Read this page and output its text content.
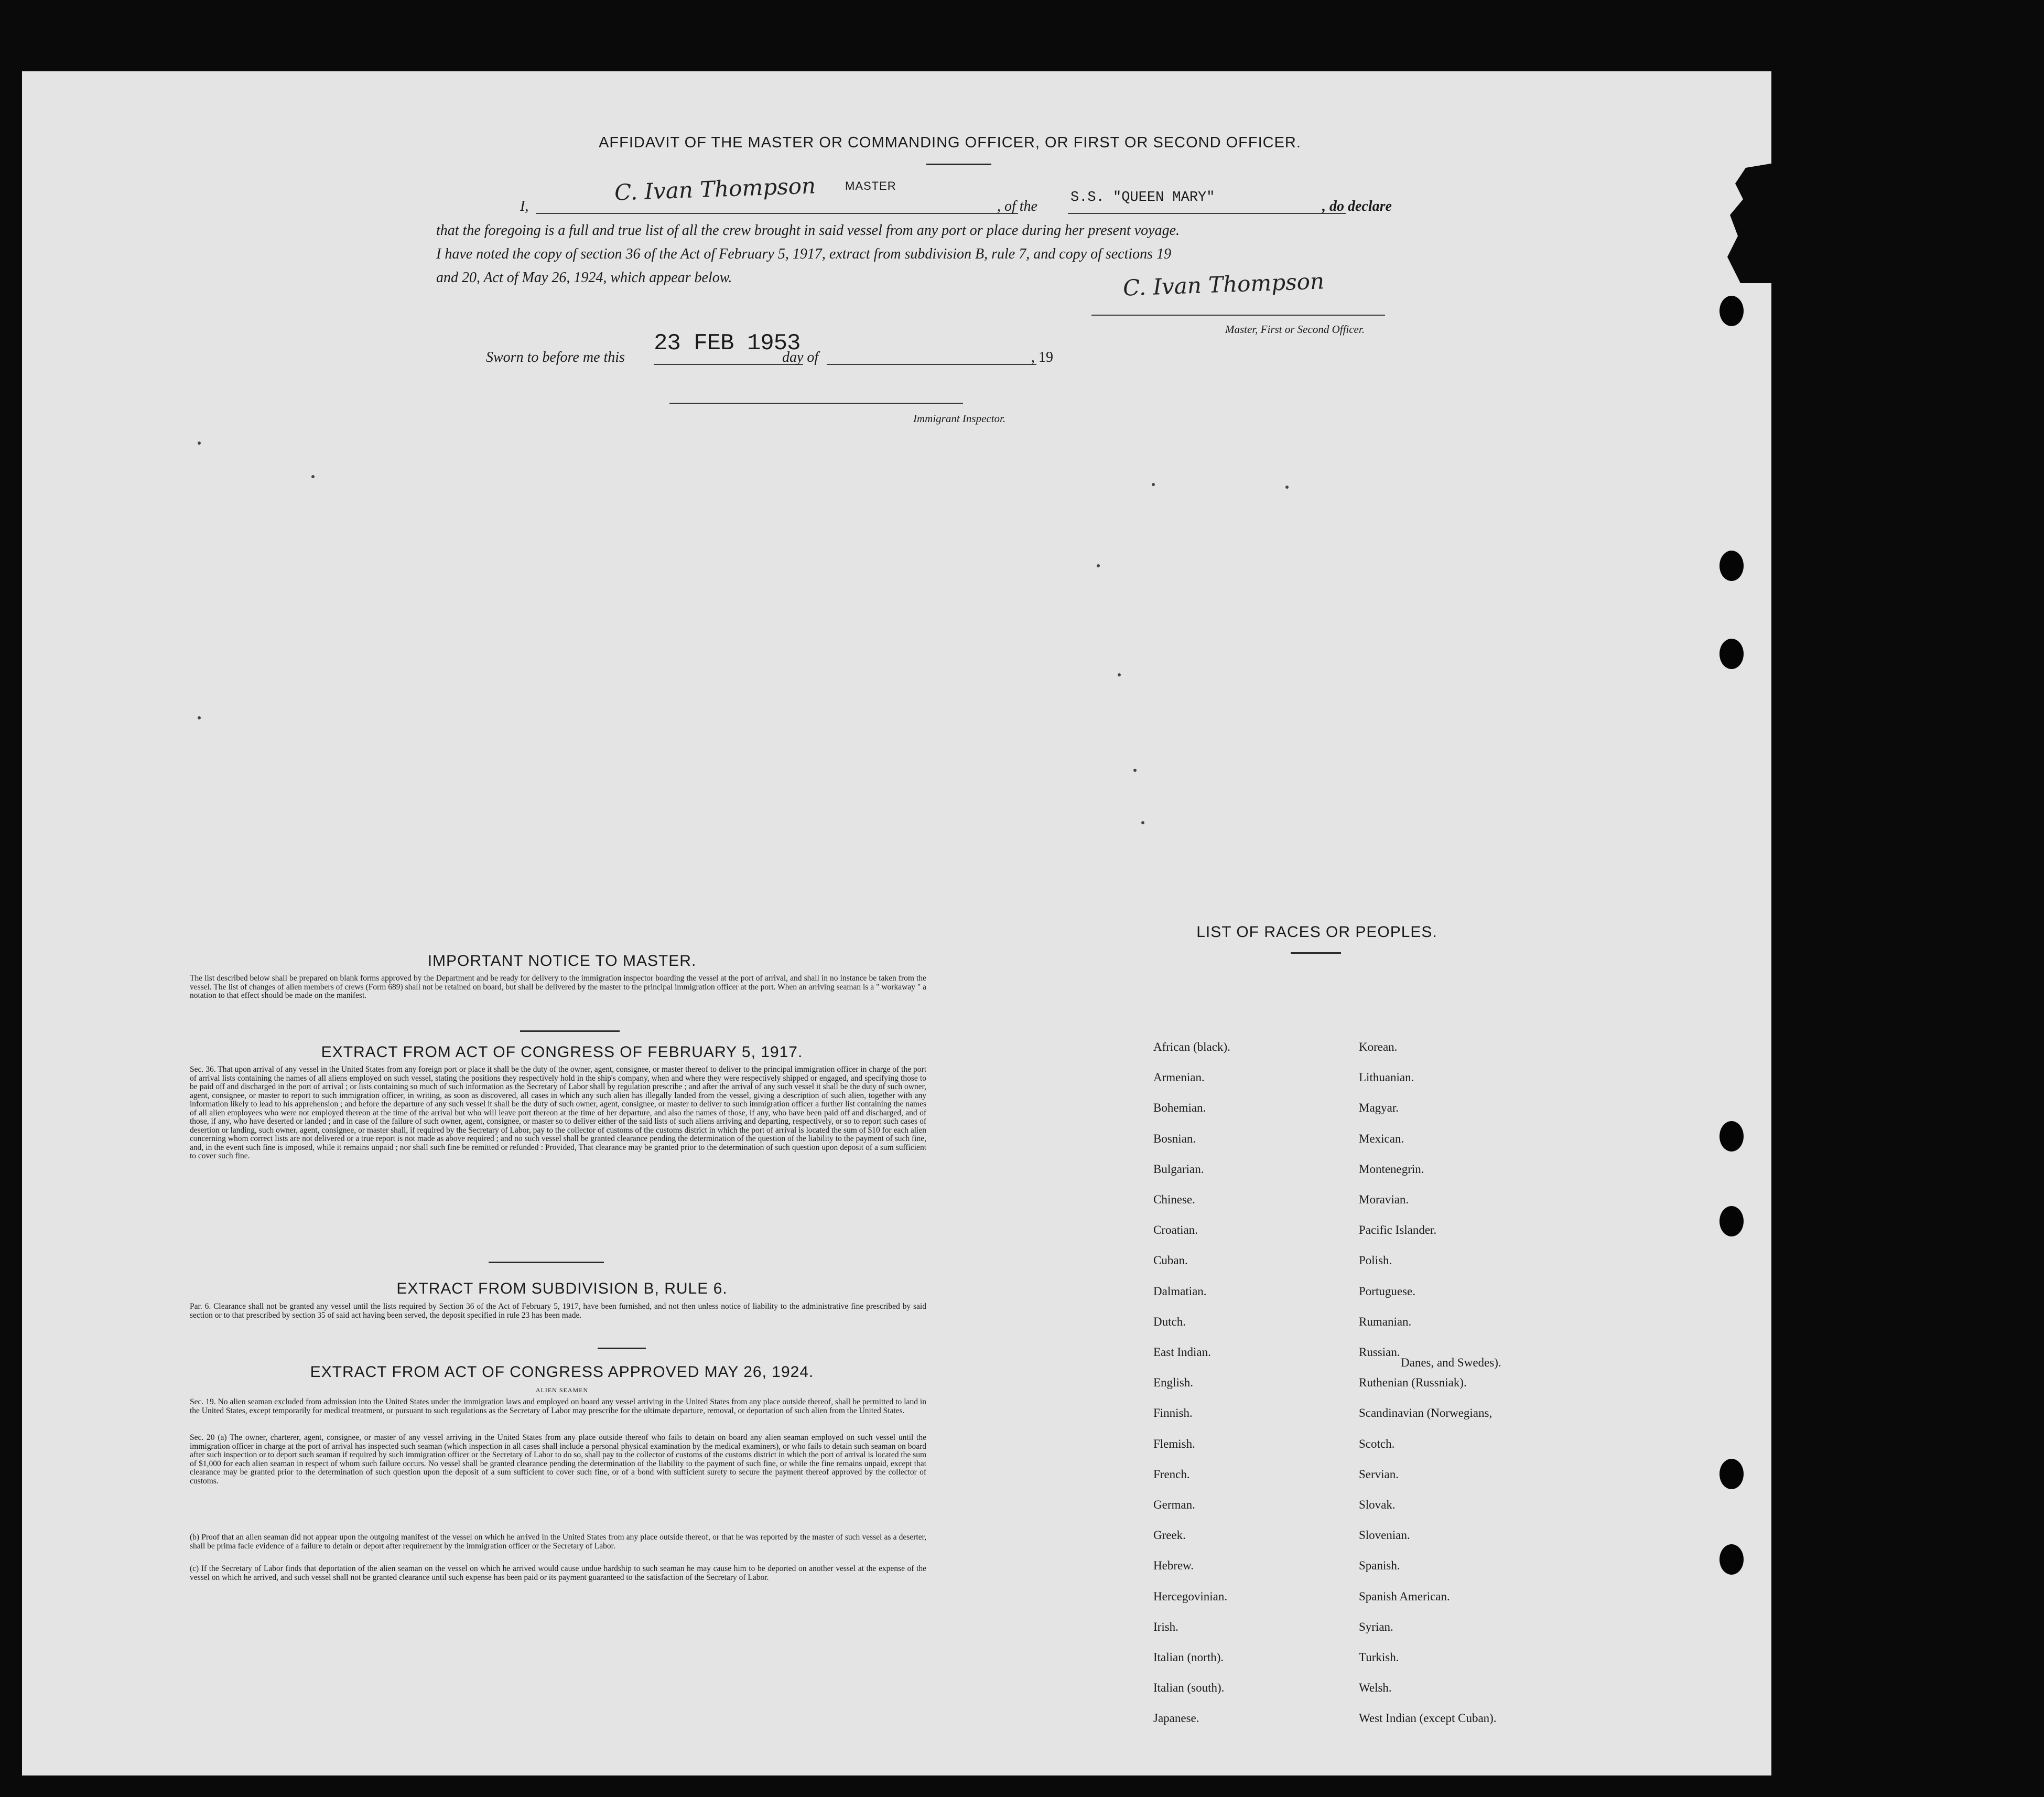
AFFIDAVIT OF THE MASTER OR COMMANDING OFFICER, OR FIRST OR SECOND OFFICER.
MASTER
I,
C. Ivan Thompson
, of the
S.S. "QUEEN MARY"
, do declare
that the foregoing is a full and true list of all the crew brought in said vessel from any port or place during her present voyage.
I have noted the copy of section 36 of the Act of February 5, 1917, extract from subdivision B, rule 7, and copy of sections 19
and 20, Act of May 26, 1924, which appear below.	C. Ivan Thompson
Master, First or Second Officer.
Sworn to before me this
23 FEB 1953
day of	, 19
Immigrant Inspector.
IMPORTANT NOTICE TO MASTER.
The list described below shall be prepared on blank forms approved by the Department and be ready for delivery to the immigration inspector boarding the vessel at the port of arrival, and shall in no instance be taken from the vessel. The list of changes of alien members of crews (Form 689) shall not be retained on board, but shall be delivered by the master to the principal immigration officer at the port. When an arriving seaman is a " workaway " a notation to that effect should be made on the manifest.
EXTRACT FROM ACT OF CONGRESS OF FEBRUARY 5, 1917.
Sec. 36. That upon arrival of any vessel in the United States from any foreign port or place it shall be the duty of the owner, agent, consignee, or master thereof to deliver to the principal immigration officer in charge of the port of arrival lists containing the names of all aliens employed on such vessel, stating the positions they respectively hold in the ship's company, when and where they were respectively shipped or engaged, and specifying those to be paid off and discharged in the port of arrival ; or lists containing so much of such information as the Secretary of Labor shall by regulation prescribe ; and after the arrival of any such vessel it shall be the duty of such owner, agent, consignee, or master to report to such immigration officer, in writing, as soon as discovered, all cases in which any such alien has illegally landed from the vessel, giving a description of such alien, together with any information likely to lead to his apprehension ; and before the departure of any such vessel it shall be the duty of such owner, agent, consignee, or master to deliver to such immigration officer a further list containing the names of all alien employees who were not employed thereon at the time of the arrival but who will leave port thereon at the time of her departure, and also the names of those, if any, who have been paid off and discharged, and of those, if any, who have deserted or landed ; and in case of the failure of such owner, agent, consignee, or master so to deliver either of the said lists of such aliens arriving and departing, respectively, or so to report such cases of desertion or landing, such owner, agent, consignee, or master shall, if required by the Secretary of Labor, pay to the collector of customs of the customs district in which the port of arrival is located the sum of $10 for each alien concerning whom correct lists are not delivered or a true report is not made as above required ; and no such vessel shall be granted clearance pending the determination of the question of the liability to the payment of such fine, and, in the event such fine is imposed, while it remains unpaid ; nor shall such fine be remitted or refunded : Provided, That clearance may be granted prior to the determination of such question upon deposit of a sum sufficient to cover such fine.
EXTRACT FROM SUBDIVISION B, RULE 6.
Par. 6. Clearance shall not be granted any vessel until the lists required by Section 36 of the Act of February 5, 1917, have been furnished, and not then unless notice of liability to the administrative fine prescribed by said section or to that prescribed by section 35 of said act having been served, the deposit specified in rule 23 has been made.
EXTRACT FROM ACT OF CONGRESS APPROVED MAY 26, 1924.
ALIEN SEAMEN
Sec. 19. No alien seaman excluded from admission into the United States under the immigration laws and employed on board any vessel arriving in the United States from any place outside thereof, shall be permitted to land in the United States, except temporarily for medical treatment, or pursuant to such regulations as the Secretary of Labor may prescribe for the ultimate departure, removal, or deportation of such alien from the United States.
Sec. 20 (a) The owner, charterer, agent, consignee, or master of any vessel arriving in the United States from any place outside thereof who fails to detain on board any alien seaman employed on such vessel until the immigration officer in charge at the port of arrival has inspected such seaman (which inspection in all cases shall include a personal physical examination by the medical examiners), or who fails to detain such seaman on board after such inspection or to deport such seaman if required by such immigration officer or the Secretary of Labor to do so, shall pay to the collector of customs of the customs district in which the port of arrival is located the sum of $1,000 for each alien seaman in respect of whom such failure occurs. No vessel shall be granted clearance pending the determination of the liability to the payment of such fine, or while the fine remains unpaid, except that clearance may be granted prior to the determination of such question upon the deposit of a sum sufficient to cover such fine, or of a bond with sufficient surety to secure the payment thereof approved by the collector of customs.
(b) Proof that an alien seaman did not appear upon the outgoing manifest of the vessel on which he arrived in the United States from any place outside thereof, or that he was reported by the master of such vessel as a deserter, shall be prima facie evidence of a failure to detain or deport after requirement by the immigration officer or the Secretary of Labor.
(c) If the Secretary of Labor finds that deportation of the alien seaman on the vessel on which he arrived would cause undue hardship to such seaman he may cause him to be deported on another vessel at the expense of the vessel on which he arrived, and such vessel shall not be granted clearance until such expense has been paid or its payment guaranteed to the satisfaction of the Secretary of Labor.
LIST OF RACES OR PEOPLES.
African (black).
Armenian.
Bohemian.
Bosnian.
Bulgarian.
Chinese.
Croatian.
Cuban.
Dalmatian.
Dutch.
East Indian.
English.
Finnish.
Flemish.
French.
German.
Greek.
Hebrew.
Hercegovinian.
Irish.
Italian (north).
Italian (south).
Japanese.
Korean.
Lithuanian.
Magyar.
Mexican.
Montenegrin.
Moravian.
Pacific Islander.
Polish.
Portuguese.
Rumanian.
Russian.
Ruthenian (Russniak).
Scandinavian (Norwegians,
Scotch.
Servian.
Slovak.
Slovenian.
Spanish.
Spanish American.
Syrian.
Turkish.
Welsh.
West Indian (except Cuban).
Danes, and Swedes).
